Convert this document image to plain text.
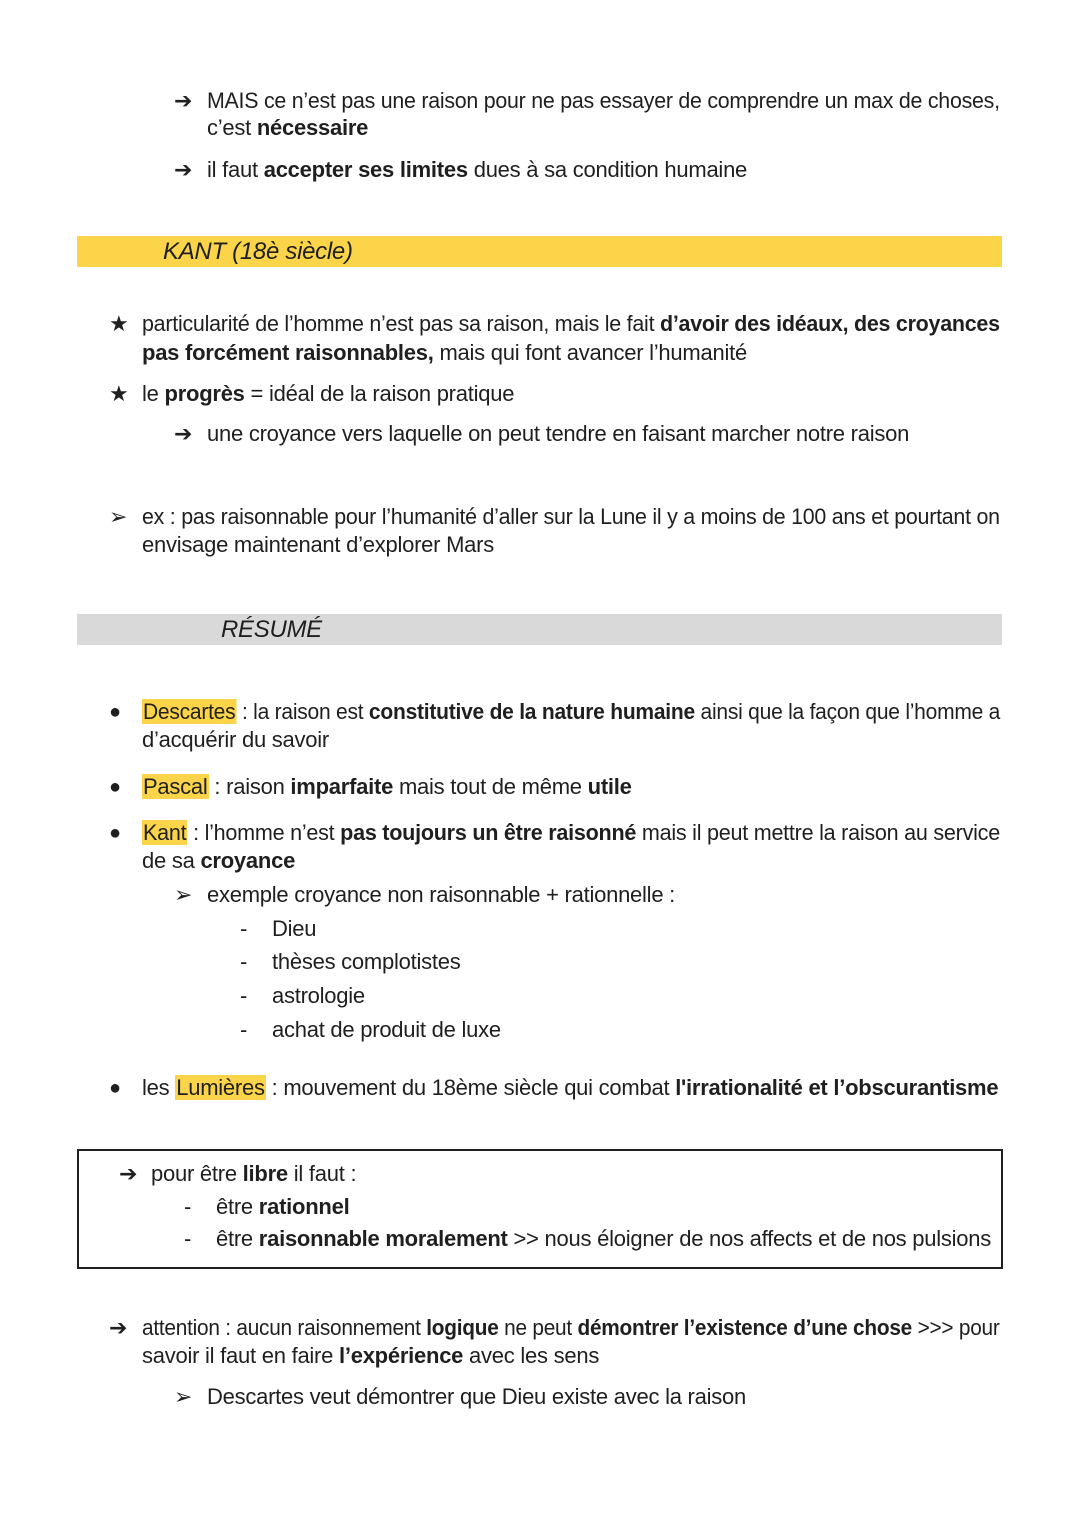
➔ MAIS ce n’est pas une raison pour ne pas essayer de comprendre un max de choses,
c’est nécessaire
➔ il faut accepter ses limites dues à sa condition humaine
KANT (18è siècle)
★ particularité de l’homme n’est pas sa raison, mais le fait d’avoir des idéaux, des croyances
pas forcément raisonnables, mais qui font avancer l’humanité
★ le progrès = idéal de la raison pratique
➔ une croyance vers laquelle on peut tendre en faisant marcher notre raison
➢ ex : pas raisonnable pour l’humanité d’aller sur la Lune il y a moins de 100 ans et pourtant on
envisage maintenant d’explorer Mars
RÉSUMÉ
● Descartes : la raison est constitutive de la nature humaine ainsi que la façon que l’homme a
d’acquérir du savoir
● Pascal : raison imparfaite mais tout de même utile
● Kant : l’homme n’est pas toujours un être raisonné mais il peut mettre la raison au service
de sa croyance
➢ exemple croyance non raisonnable + rationnelle :
- Dieu
- thèses complotistes
- astrologie
- achat de produit de luxe
● les Lumières : mouvement du 18ème siècle qui combat l'irrationalité et l’obscurantisme
➔ pour être libre il faut :
- être rationnel
- être raisonnable moralement >> nous éloigner de nos affects et de nos pulsions
➔ attention : aucun raisonnement logique ne peut démontrer l’existence d’une chose >>> pour
savoir il faut en faire l’expérience avec les sens
➢ Descartes veut démontrer que Dieu existe avec la raison
